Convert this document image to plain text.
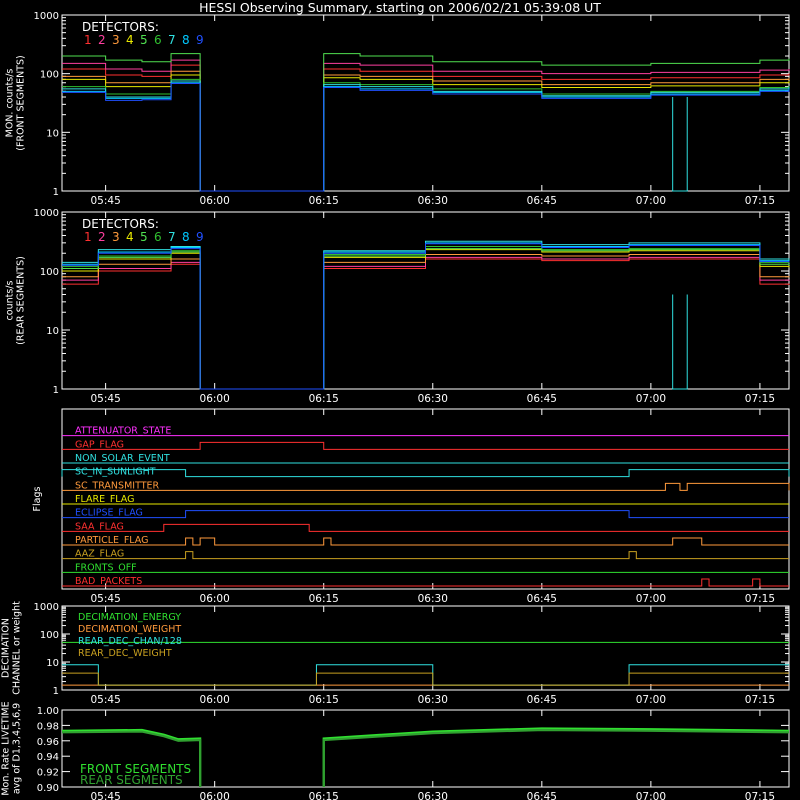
HESSI Observing Summary, starting on 2006/02/21 05:39:08 UT
05:45	06:00	06:15	06:30	06:45	07:00	07:15
MON. counts/s(FRONT SEGMENTS)
1000
100
10
1
DETECTORS:
1 2 3 4 5 6 7 8 9
05:45	06:00	06:15	06:30	06:45	07:00	07:15
counts/s(REAR SEGMENTS)
1000
100
10
1
DETECTORS:
1 2 3 4 5 6 7 8 9
05:45	06:00	06:15	06:30	06:45	07:00	07:15
Flags
ATTENUATOR_STATE
GAP_FLAG
NON_SOLAR_EVENT
SC_IN_SUNLIGHT
SC_TRANSMITTER
FLARE_FLAG
ECLIPSE_FLAG
SAA_FLAG
PARTICLE_FLAG
AAZ_FLAG
FRONTS_OFF
BAD_PACKETS
05:45	06:00	06:15	06:30	06:45	07:00	07:15
DECIMATIONCHANNEL or weight 1000
100
10
1
DECIMATION_ENERGY
DECIMATION_WEIGHT
REAR_DEC_CHAN/128
REAR_DEC_WEIGHT
05:45	06:00	06:15	06:30	06:45	07:00	07:15
Mon. Rate LIVETIMEavg of D1,3,4,5,6,9 1.00
0.98
0.96
0.94
0.92
0.90
FRONT SEGMENTS
REAR SEGMENTS
